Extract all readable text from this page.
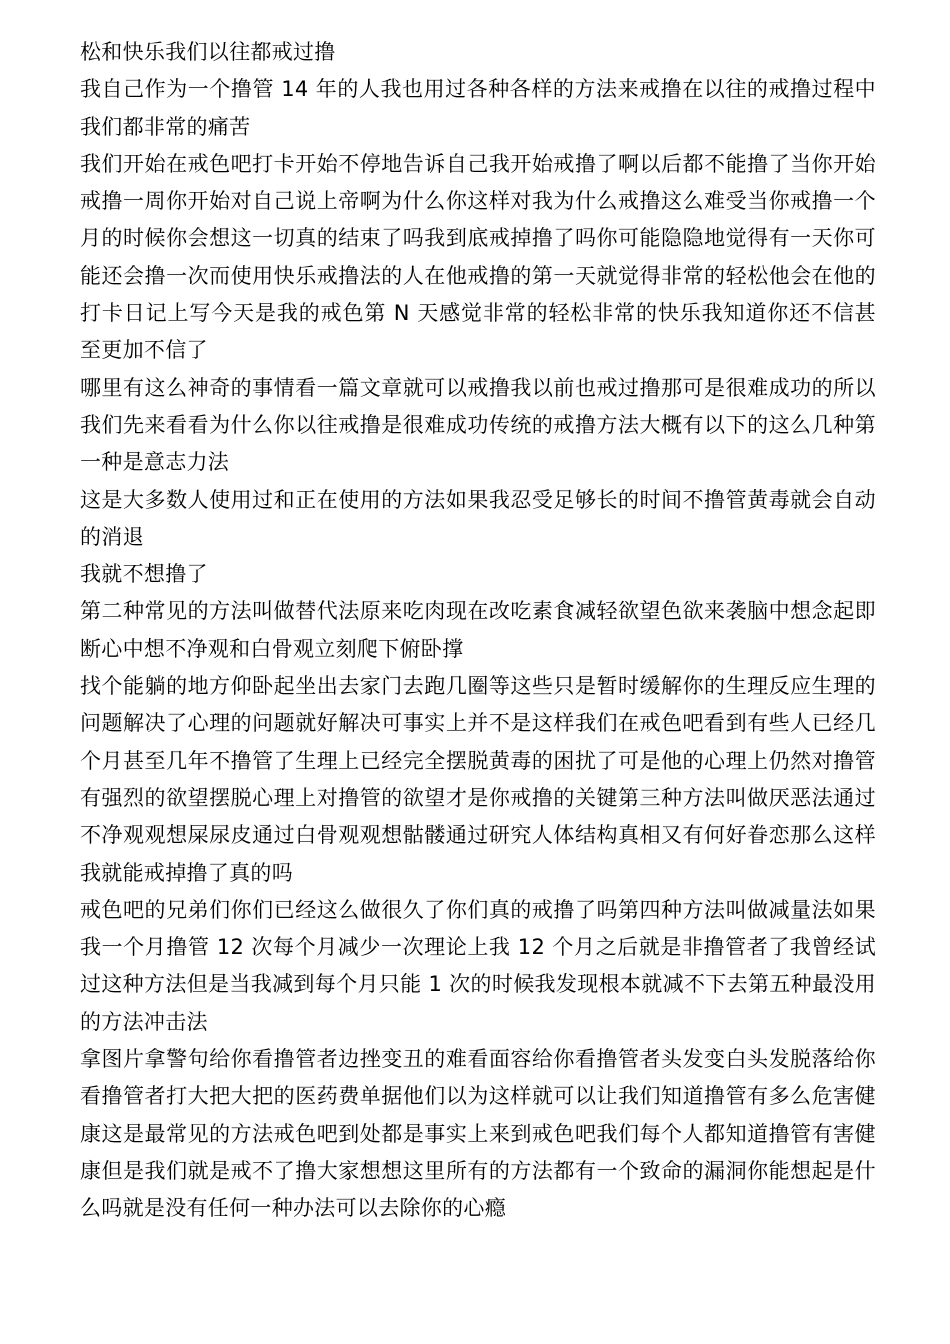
松和快乐我们以往都戒过撸

我自己作为一个撸管 14 年的人我也用过各种各样的方法来戒撸在以往的戒撸过程中我们都非常的痛苦

我们开始在戒色吧打卡开始不停地告诉自己我开始戒撸了啊以后都不能撸了当你开始戒撸一周你开始对自己说上帝啊为什么你这样对我为什么戒撸这么难受当你戒撸一个月的时候你会想这一切真的结束了吗我到底戒掉撸了吗你可能隐隐地觉得有一天你可能还会撸一次而使用快乐戒撸法的人在他戒撸的第一天就觉得非常的轻松他会在他的打卡日记上写今天是我的戒色第 N 天感觉非常的轻松非常的快乐我知道你还不信甚至更加不信了

哪里有这么神奇的事情看一篇文章就可以戒撸我以前也戒过撸那可是很难成功的所以我们先来看看为什么你以往戒撸是很难成功传统的戒撸方法大概有以下的这么几种第一种是意志力法

这是大多数人使用过和正在使用的方法如果我忍受足够长的时间不撸管黄毒就会自动的消退

我就不想撸了

第二种常见的方法叫做替代法原来吃肉现在改吃素食减轻欲望色欲来袭脑中想念起即断心中想不净观和白骨观立刻爬下俯卧撑

找个能躺的地方仰卧起坐出去家门去跑几圈等这些只是暂时缓解你的生理反应生理的问题解决了心理的问题就好解决可事实上并不是这样我们在戒色吧看到有些人已经几个月甚至几年不撸管了生理上已经完全摆脱黄毒的困扰了可是他的心理上仍然对撸管有强烈的欲望摆脱心理上对撸管的欲望才是你戒撸的关键第三种方法叫做厌恶法通过不净观观想屎尿皮通过白骨观观想骷髅通过研究人体结构真相又有何好眷恋那么这样我就能戒掉撸了真的吗

戒色吧的兄弟们你们已经这么做很久了你们真的戒撸了吗第四种方法叫做减量法如果我一个月撸管 12 次每个月减少一次理论上我 12 个月之后就是非撸管者了我曾经试过这种方法但是当我减到每个月只能 1 次的时候我发现根本就减不下去第五种最没用的方法冲击法

拿图片拿警句给你看撸管者边挫变丑的难看面容给你看撸管者头发变白头发脱落给你看撸管者打大把大把的医药费单据他们以为这样就可以让我们知道撸管有多么危害健康这是最常见的方法戒色吧到处都是事实上来到戒色吧我们每个人都知道撸管有害健康但是我们就是戒不了撸大家想想这里所有的方法都有一个致命的漏洞你能想起是什么吗就是没有任何一种办法可以去除你的心瘾
